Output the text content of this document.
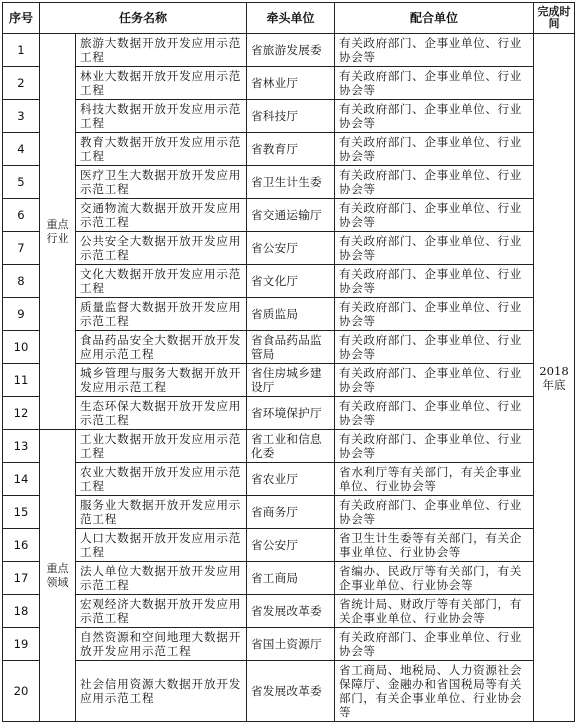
序号	任务名称		牵头单位	配合单位	完成时间
1	重点行业	旅游大数据开放开发应用示范工程	省旅游发展委	有关政府部门、企事业单位、行业协会等	2018年底
2		林业大数据开放开发应用示范工程	省林业厅	有关政府部门、企事业单位、行业协会等	
3		科技大数据开放开发应用示范工程	省科技厅	有关政府部门、企事业单位、行业协会等	
4		教育大数据开放开发应用示范工程	省教育厅	有关政府部门、企事业单位、行业协会等	
5		医疗卫生大数据开放开发应用示范工程	省卫生计生委	有关政府部门、企事业单位、行业协会等	
6		交通物流大数据开放开发应用示范工程	省交通运输厅	有关政府部门、企事业单位、行业协会等	
7		公共安全大数据开放开发应用示范工程	省公安厅	有关政府部门、企事业单位、行业协会等	
8		文化大数据开放开发应用示范工程	省文化厅	有关政府部门、企事业单位、行业协会等	
9		质量监督大数据开放开发应用示范工程	省质监局	有关政府部门、企事业单位、行业协会等	
10		食品药品安全大数据开放开发应用示范工程	省食品药品监管局	有关政府部门、企事业单位、行业协会等	
11		城乡管理与服务大数据开放开发应用示范工程	省住房城乡建设厅	有关政府部门、企事业单位、行业协会等	
12		生态环保大数据开放开发应用示范工程	省环境保护厅	有关政府部门、企事业单位、行业协会等	
13	重点领域	工业大数据开放开发应用示范工程	省工业和信息化委	有关政府部门、企事业单位、行业协会等	
14		农业大数据开放开发应用示范工程	省农业厅	省水利厅等有关部门，有关企事业单位、行业协会等	
15		服务业大数据开放开发应用示范工程	省商务厅	有关政府部门、企事业单位、行业协会等	
16		人口大数据开放开发应用示范工程	省公安厅	省卫生计生委等有关部门，有关企事业单位、行业协会等	
17		法人单位大数据开放开发应用示范工程	省工商局	省编办、民政厅等有关部门，有关企事业单位、行业协会等	
18		宏观经济大数据开放开发应用示范工程	省发展改革委	省统计局、财政厅等有关部门，有关企事业单位、行业协会等	
19		自然资源和空间地理大数据开放开发应用示范工程	省国土资源厅	有关政府部门、企事业单位、行业协会等	
20		社会信用资源大数据开放开发应用示范工程	省发展改革委	省工商局、地税局、人力资源社会保障厅、金融办和省国税局等有关部门，有关企事业单位、行业协会等	
